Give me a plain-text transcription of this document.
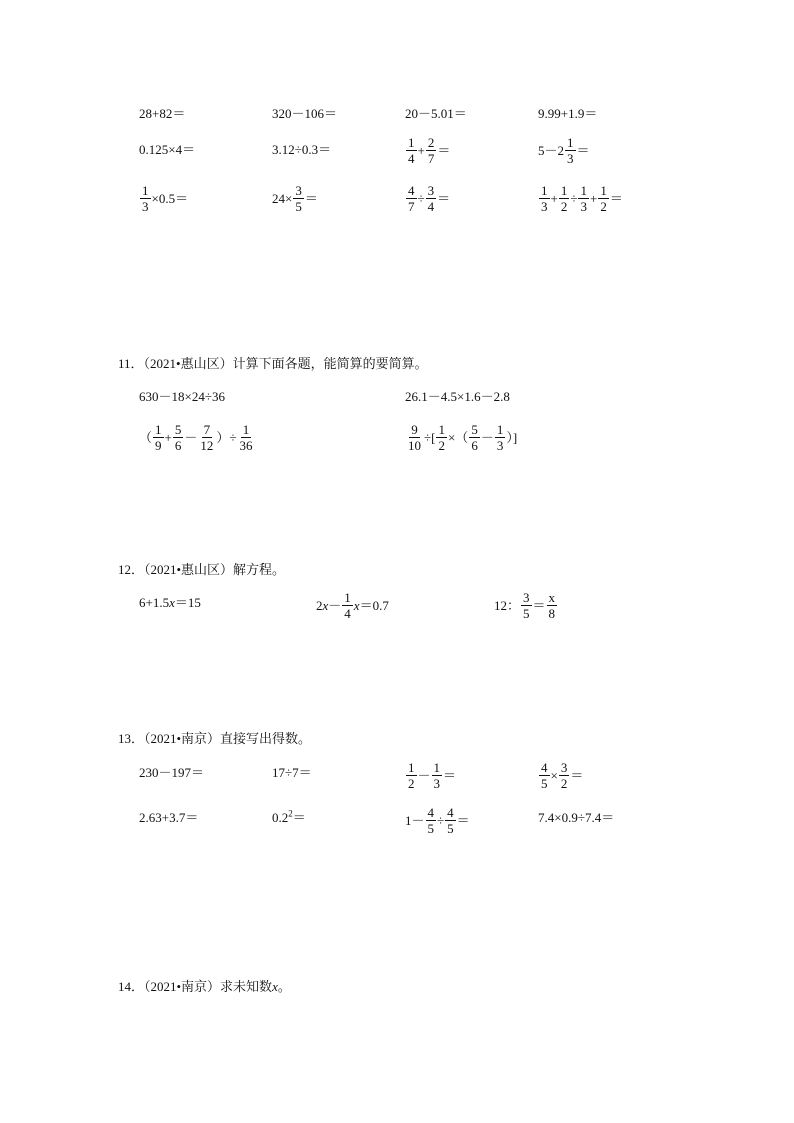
28+82＝	320－106＝	20－5.01＝	9.99+1.9＝
0.125×4＝	3.12÷0.3＝	$\frac{1}{4} + \frac{2}{7}$ ＝	$5-2 \frac{1}{3}$ ＝
$\frac{1}{3} \times 0.5=$	$24\times \frac{3}{5}$ ＝	$\frac{4}{7} \div \frac{3}{4}$ ＝	$\frac{1}{3} + \frac{1}{2} \div \frac{1}{3} + \frac{1}{2}$ ＝
11．（2021•惠山区）计算下面各题，能简算的要简算。
630－18×24÷36	26.1－4.5×1.6－2.8
（ $\frac{1}{9} + \frac{5}{6} - \frac{7}{12}$ ）÷ $\frac{1}{36}$	$\frac{9}{10}$ ÷[ $\frac{1}{2}$ ×（ $\frac{5}{6} - \frac{1}{3}$ ）]
12．（2021•惠山区）解方程。
6+1.5x＝15	2 $x - \frac{1}{4}$ x ＝0.7	12： $\frac{3}{5} = \frac{x}{8}$
13．（2021•南京）直接写出得数。
230－197＝	17÷7＝	$\frac{1}{2} - \frac{1}{3}$ ＝	$\frac{4}{5} \times \frac{3}{2}$ ＝
2.63+3.7＝	$0.2^2=$	$1- \frac{4}{5} \div \frac{4}{5}$ ＝	7.4×0.9÷7.4＝
14．（2021•南京）求未知数x。
